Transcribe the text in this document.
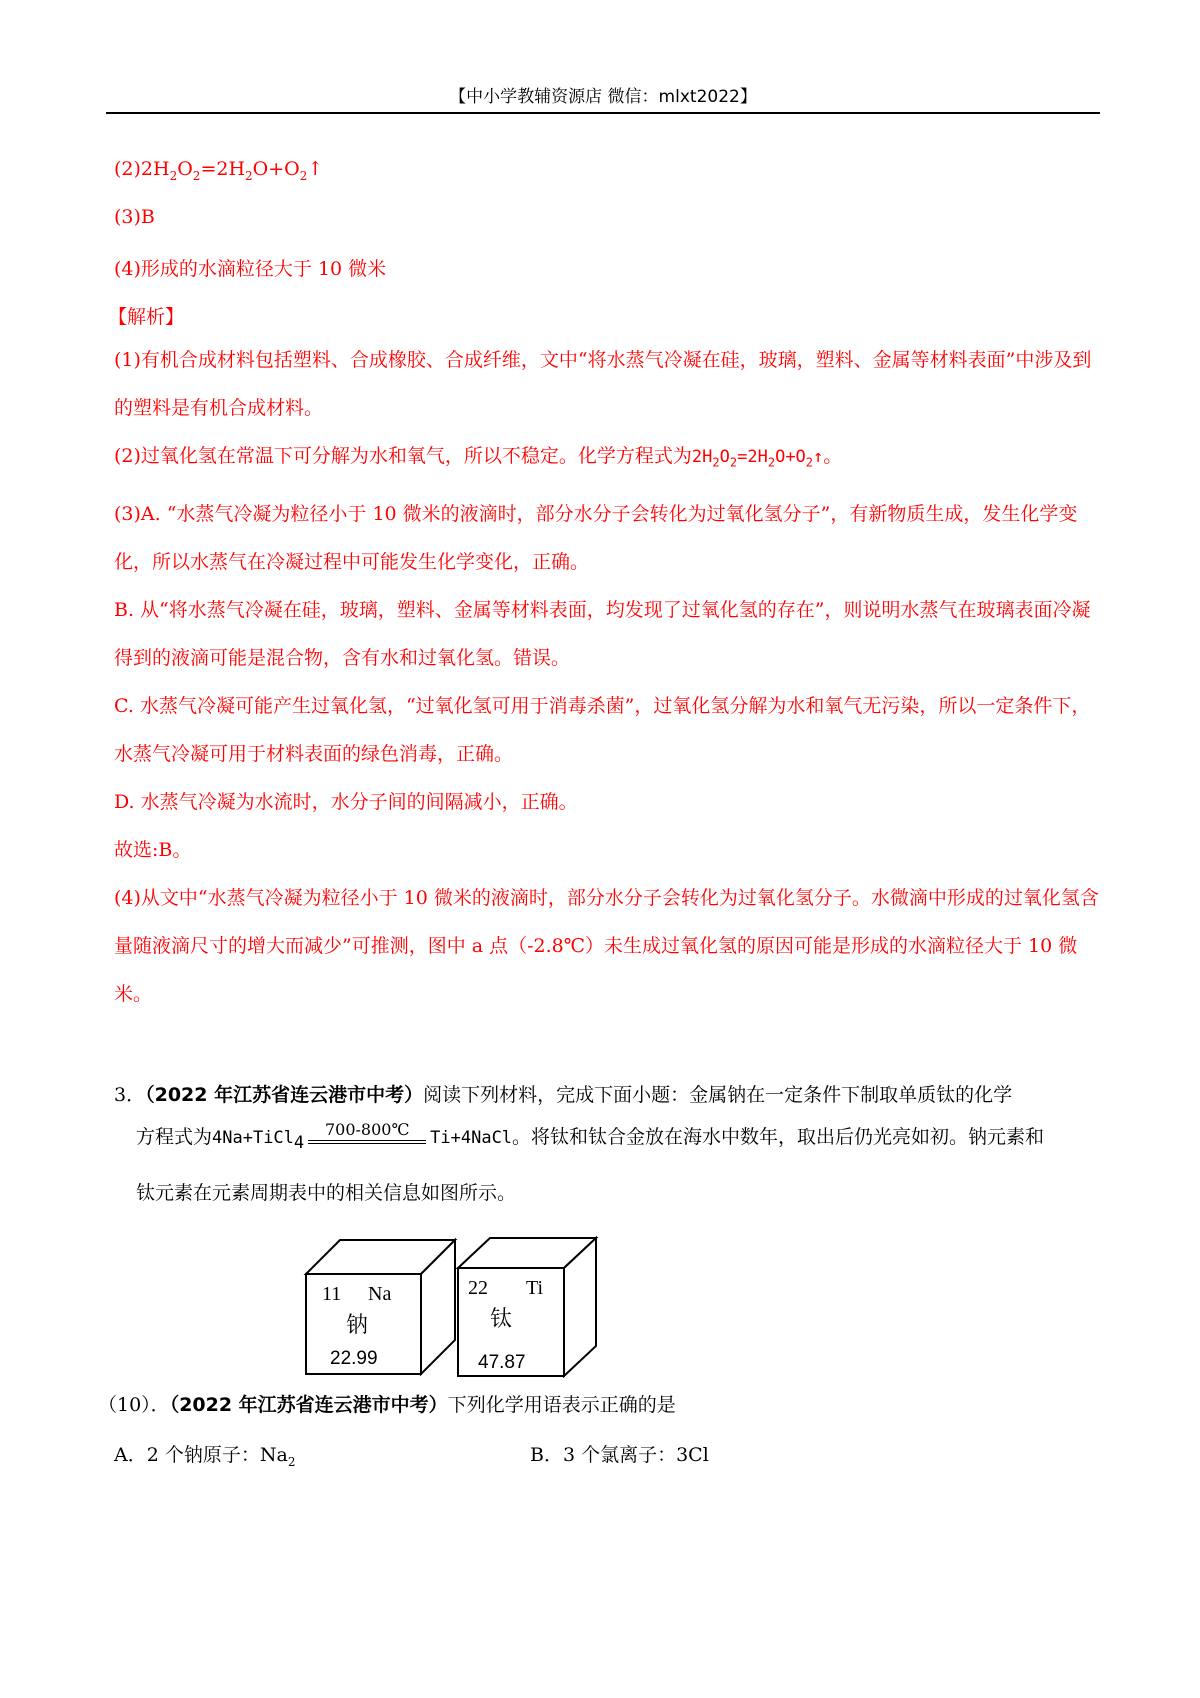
【中小学教辅资源店 微信：mlxt2022】
$(2)2H_2O_2=2H_2O+O_2↑$
(3)B
(4)形成的水滴粒径大于 10 微米
【解析】
(1)有机合成材料包括塑料、合成橡胶、合成纤维，文中“将水蒸气冷凝在硅，玻璃，塑料、金属等材料表面”中涉及到的塑料是有机合成材料。
(2)过氧化氢在常温下可分解为水和氧气，所以不稳定。化学方程式为$2H_2O_2=2H_2O+O_2↑$。
(3)A. “水蒸气冷凝为粒径小于 10 微米的液滴时，部分水分子会转化为过氧化氢分子”，有新物质生成，发生化学变化，所以水蒸气在冷凝过程中可能发生化学变化，正确。
B. 从“将水蒸气冷凝在硅，玻璃，塑料、金属等材料表面，均发现了过氧化氢的存在”，则说明水蒸气在玻璃表面冷凝得到的液滴可能是混合物，含有水和过氧化氢。错误。
C. 水蒸气冷凝可能产生过氧化氢，“过氧化氢可用于消毒杀菌”，过氧化氢分解为水和氧气无污染，所以一定条件下，水蒸气冷凝可用于材料表面的绿色消毒，正确。
D. 水蒸气冷凝为水流时，水分子间的间隔减小，正确。
故选:B。
(4)从文中“水蒸气冷凝为粒径小于 10 微米的液滴时，部分水分子会转化为过氧化氢分子。水微滴中形成的过氧化氢含量随液滴尺寸的增大而减少”可推测，图中 a 点（-2.8℃）未生成过氧化氢的原因可能是形成的水滴粒径大于 10 微米。
3．（2022 年江苏省连云港市中考）阅读下列材料，完成下面小题：金属钠在一定条件下制取单质钛的化学
方程式为4Na+TiCl$_4$
700-800℃	Ti+4NaCl。将钛和钛合金放在海水中数年，取出后仍光亮如初。钠元素和
钛元素在元素周期表中的相关信息如图所示。
11 Na
钠
22.99
22 Ti
钛
47.87
（10）．（2022 年江苏省连云港市中考）下列化学用语表示正确的是
A．2 个钠原子：$Na_2$	B．3 个氯离子：3Cl
